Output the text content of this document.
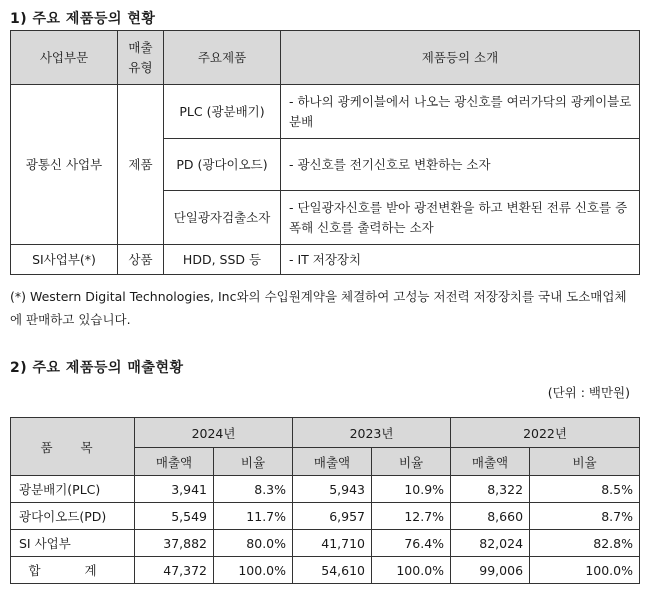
1) 주요 제품등의 현황
사업부문	매출 유형	주요제품	제품등의 소개
광통신 사업부	제품	PLC (광분배기)	- 하나의 광케이블에서 나오는 광신호를 여러가닥의 광케이블로 분배
		PD (광다이오드)	- 광신호를 전기신호로 변환하는 소자
		단일광자검출소자	- 단일광자신호를 받아 광전변환을 하고 변환된 전류 신호를 증폭해 신호를 출력하는 소자
SI사업부(*)	상품	HDD, SSD 등	- IT 저장장치
(*) Western Digital Technologies, Inc와의 수입원계약을 체결하여 고성능 저전력 저장장치를 국내 도소매업체에 판매하고 있습니다.
2) 주요 제품등의 매출현황
(단위 : 백만원)
품 목	2024년		2023년		2022년	
	매출액	비율	매출액	비율	매출액	비율
광분배기(PLC)	3,941	8.3%	5,943	10.9%	8,322	8.5%
광다이오드(PD)	5,549	11.7%	6,957	12.7%	8,660	8.7%
SI 사업부	37,882	80.0%	41,710	76.4%	82,024	82.8%
합 계	47,372	100.0%	54,610	100.0%	99,006	100.0%
